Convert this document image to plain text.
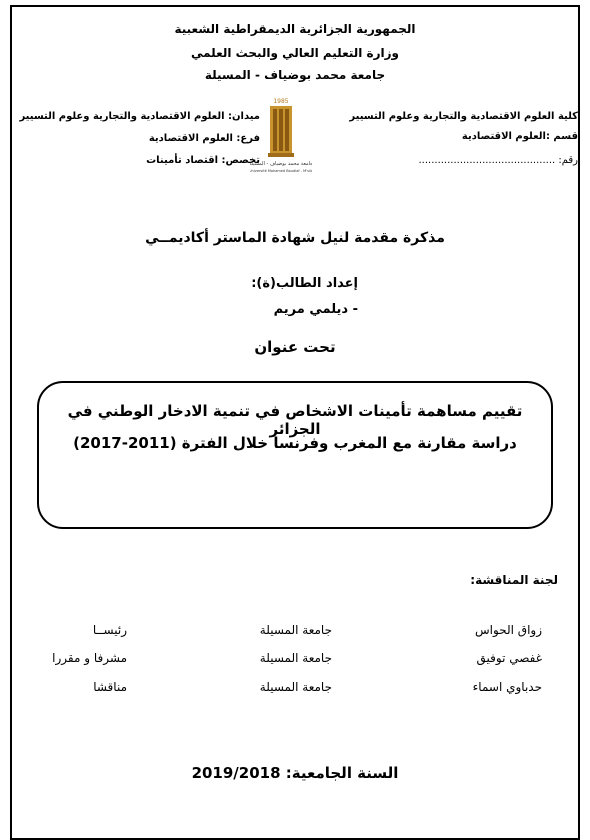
الجمهورية الجزائرية الديمقراطية الشعبية
وزارة التعليم العالي والبحث العلمي
جامعة محمد بوضياف - المسيلة
كلية العلوم الاقتصادية والتجارية وعلوم التسيير
قسم :العلوم الاقتصادية
رقم: ...........................................
ميدان: العلوم الاقتصادية والتجارية وعلوم التسيير
فرع: العلوم الاقتصادية
تخصص: اقتصاد تأمينات
1985
جامعة محمد بوضياف - المسيلة
Université Mohamed Boudiaf - M'sila
مذكرة مقدمة لنيل شهادة الماستر أكاديمــي
إعداد الطالب(ة):
- ديلمي مريم
تحت عنوان
تقييم مساهمة تأمينات الاشخاص في تنمية الادخار الوطني في الجزائر
دراسة مقارنة مع المغرب وفرنسا خلال الفترة (2011-2017)
لجنة المناقشة:
زواق الحواس
جامعة المسيلة
رئيســا
غفصي توفيق
جامعة المسيلة
مشرفا و مقررا
حدباوي اسماء
جامعة المسيلة
مناقشا
السنة الجامعية: 2019/2018
